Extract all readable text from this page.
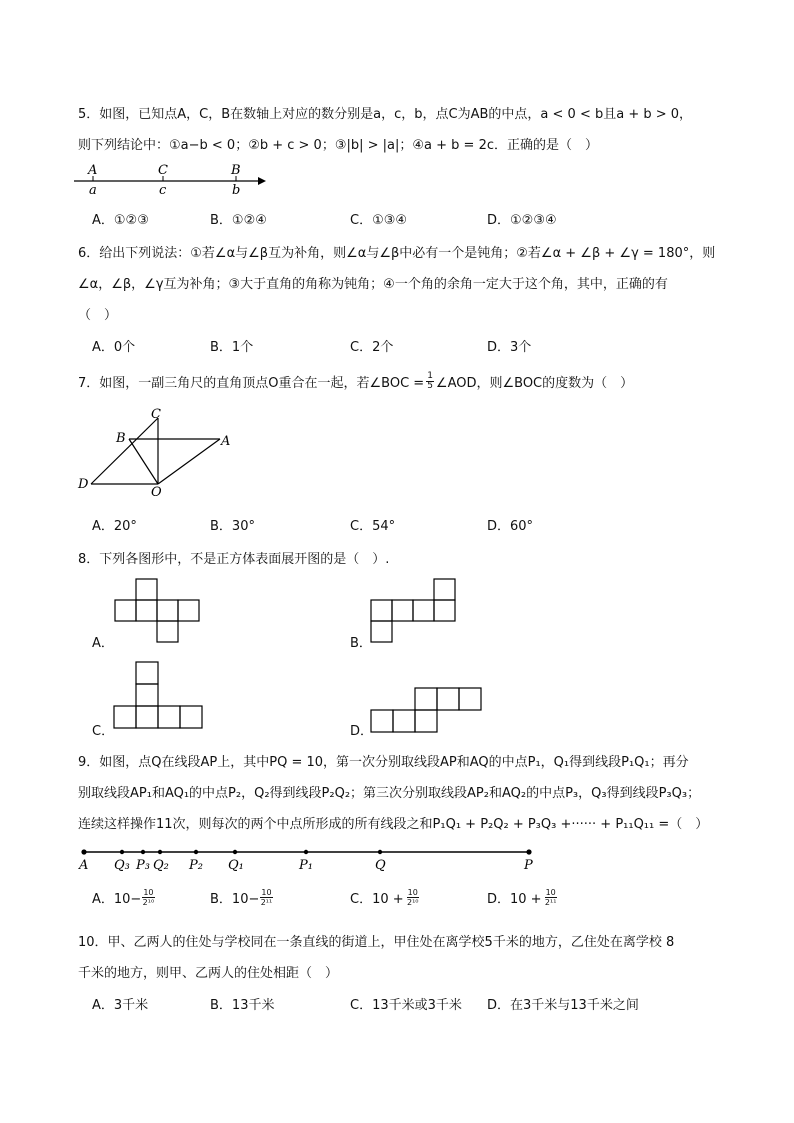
5．如图，已知点A，C，B在数轴上对应的数分别是a，c，b，点C为AB的中点，a < 0 < b且a + b > 0，
则下列结论中：①a−b < 0；②b + c > 0；③|b| > |a|；④a + b = 2c．正确的是（　）
A	C	B
a	c	b
A．①②③	B．①②④	C．①③④	D．①②③④
6．给出下列说法：①若∠α与∠β互为补角，则∠α与∠β中必有一个是钝角；②若∠α + ∠β + ∠γ = 180°，则
∠α，∠β，∠γ互为补角；③大于直角的角称为钝角；④一个角的余角一定大于这个角，其中，正确的有
（　）
A．0个	B．1个	C．2个	D．3个
7．如图，一副三角尺的直角顶点O重合在一起，若∠BOC = $\frac{1}{5}$ ∠AOD，则∠BOC的度数为（　）
C
B	A
D
O
A．20°	B．30°	C．54°	D．60°
8．下列各图形中，不是正方体表面展开图的是（　）.
A．	B．
C．	D．
9．如图，点Q在线段AP上，其中PQ = 10，第一次分别取线段AP和AQ的中点P₁，Q₁得到线段P₁Q₁；再分
别取线段AP₁和AQ₁的中点P₂，Q₂得到线段P₂Q₂；第三次分别取线段AP₂和AQ₂的中点P₃，Q₃得到线段P₃Q₃；
连续这样操作11次，则每次的两个中点所形成的所有线段之和P₁Q₁ + P₂Q₂ + P₃Q₃ +······ + P₁₁Q₁₁ =（　）
A Q₃ P₃ Q₂ P₂ Q₁	P₁	Q	P
A．$10- \frac{10}{\text{2¹⁰}}$	B．$10- \frac{10}{\text{2¹¹}}$	C．$10 + \frac{10}{\text{2¹⁰}}$	D．$10 + \frac{10}{\text{2¹¹}}$
10．甲、乙两人的住处与学校同在一条直线的街道上，甲住处在离学校5千米的地方，乙住处在离学校 8
千米的地方，则甲、乙两人的住处相距（　）
A．3千米	B．13千米	C．13千米或3千米 D．在3千米与13千米之间
